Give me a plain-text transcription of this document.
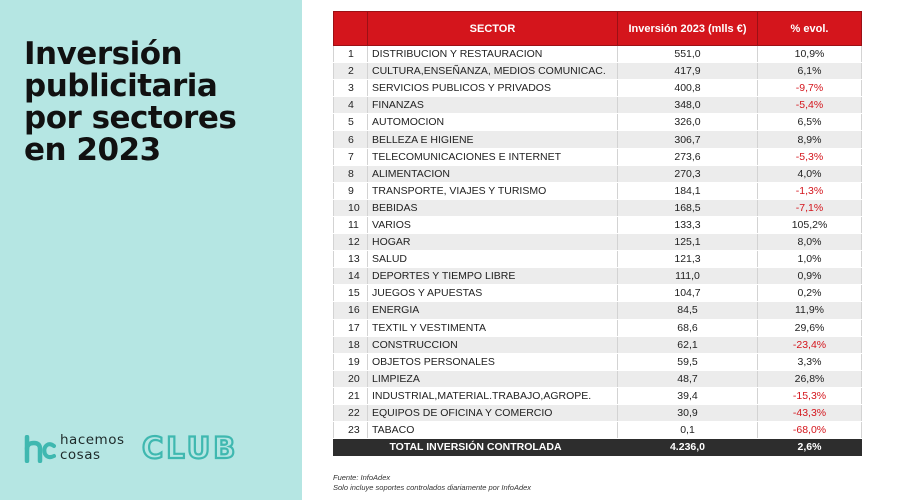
Inversión
publicitaria
por sectores
en 2023
hacemos
cosas	CLUB
	SECTOR	Inversión 2023 (mlls €)	% evol.
1	DISTRIBUCION Y RESTAURACION	551,0	10,9%
2	CULTURA,ENSEÑANZA, MEDIOS COMUNICAC.	417,9	6,1%
3	SERVICIOS PUBLICOS Y PRIVADOS	400,8	-9,7%
4	FINANZAS	348,0	-5,4%
5	AUTOMOCION	326,0	6,5%
6	BELLEZA E HIGIENE	306,7	8,9%
7	TELECOMUNICACIONES E INTERNET	273,6	-5,3%
8	ALIMENTACION	270,3	4,0%
9	TRANSPORTE, VIAJES Y TURISMO	184,1	-1,3%
10	BEBIDAS	168,5	-7,1%
11	VARIOS	133,3	105,2%
12	HOGAR	125,1	8,0%
13	SALUD	121,3	1,0%
14	DEPORTES Y TIEMPO LIBRE	111,0	0,9%
15	JUEGOS Y APUESTAS	104,7	0,2%
16	ENERGIA	84,5	11,9%
17	TEXTIL Y VESTIMENTA	68,6	29,6%
18	CONSTRUCCION	62,1	-23,4%
19	OBJETOS PERSONALES	59,5	3,3%
20	LIMPIEZA	48,7	26,8%
21	INDUSTRIAL,MATERIAL.TRABAJO,AGROPE.	39,4	-15,3%
22	EQUIPOS DE OFICINA Y COMERCIO	30,9	-43,3%
23	TABACO	0,1	-68,0%
TOTAL INVERSIÓN CONTROLADA		4.236,0	2,6%
Fuente: InfoAdex
Solo incluye soportes controlados diariamente por InfoAdex
